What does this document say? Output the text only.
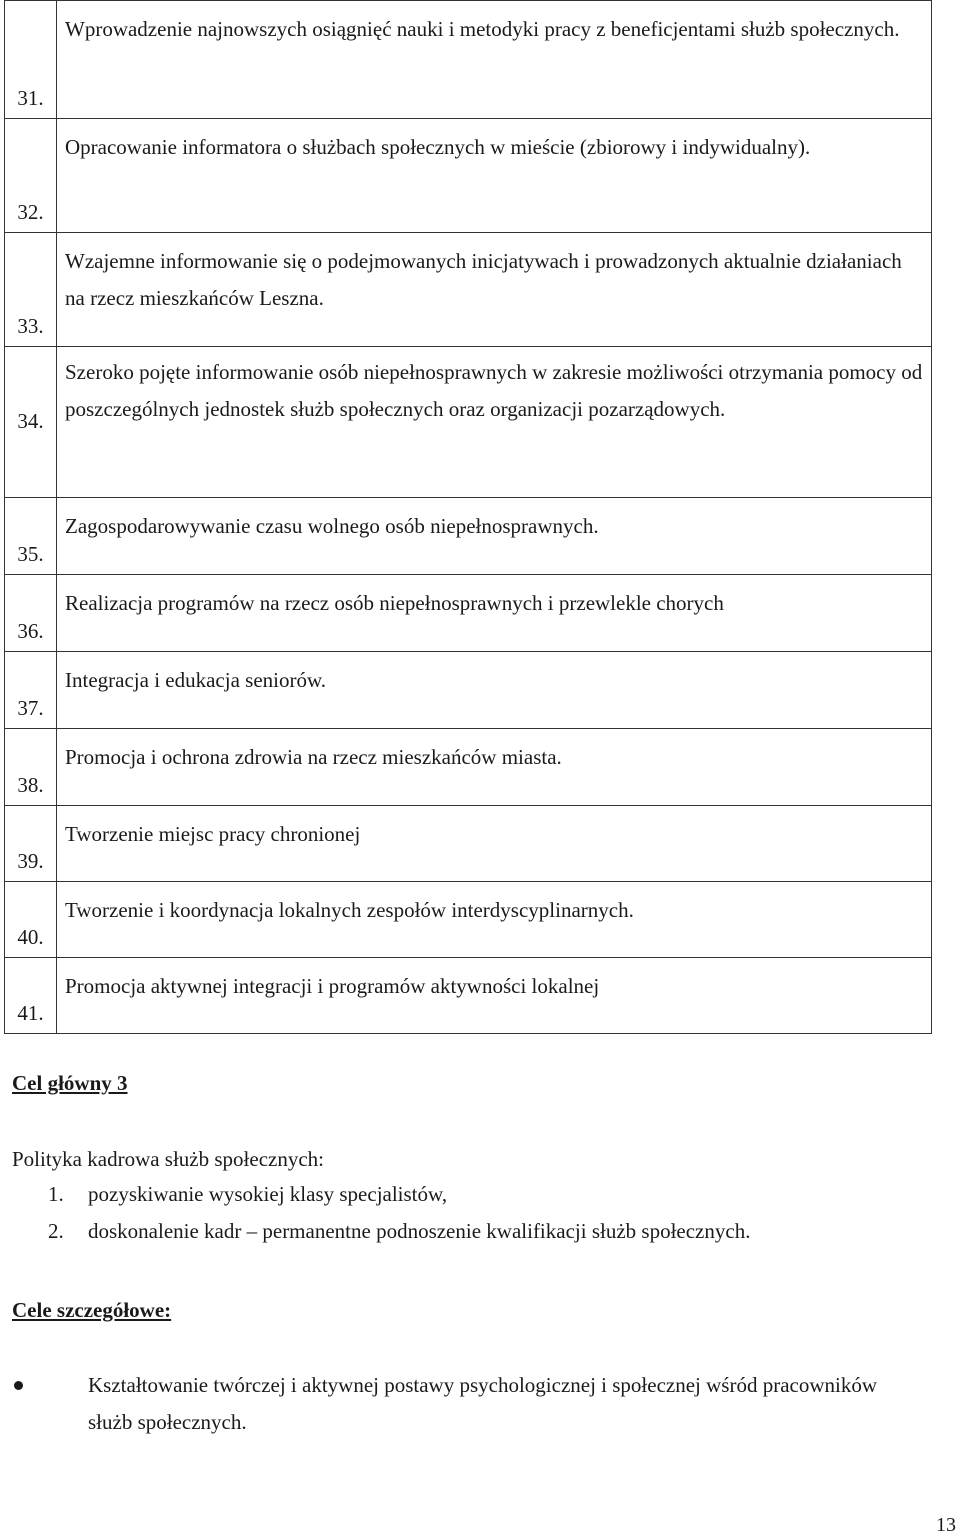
31.	Wprowadzenie najnowszych osiągnięć nauki i metodyki pracy z beneficjentami służb społecznych.
32.	Opracowanie informatora o służbach społecznych w mieście (zbiorowy i indywidualny).
33.	Wzajemne informowanie się o podejmowanych inicjatywach i prowadzonych aktualnie działaniach na rzecz mieszkańców Leszna.
34.	Szeroko pojęte informowanie osób niepełnosprawnych w zakresie możliwości otrzymania pomocy od poszczególnych jednostek służb społecznych oraz organizacji pozarządowych.
35.	Zagospodarowywanie czasu wolnego osób niepełnosprawnych.
36.	Realizacja programów na rzecz osób niepełnosprawnych i przewlekle chorych
37.	Integracja i edukacja seniorów.
38.	Promocja i ochrona zdrowia na rzecz mieszkańców miasta.
39.	Tworzenie miejsc pracy chronionej
40.	Tworzenie i koordynacja lokalnych zespołów interdyscyplinarnych.
41.	Promocja aktywnej integracji i programów aktywności lokalnej

Cel główny 3

Polityka kadrowa służb społecznych:

1. pozyskiwanie wysokiej klasy specjalistów,
2. doskonalenie kadr – permanentne podnoszenie kwalifikacji służb społecznych.

Cele szczegółowe:

Kształtowanie twórczej i aktywnej postawy psychologicznej i społecznej wśród pracowników służb społecznych.

13
